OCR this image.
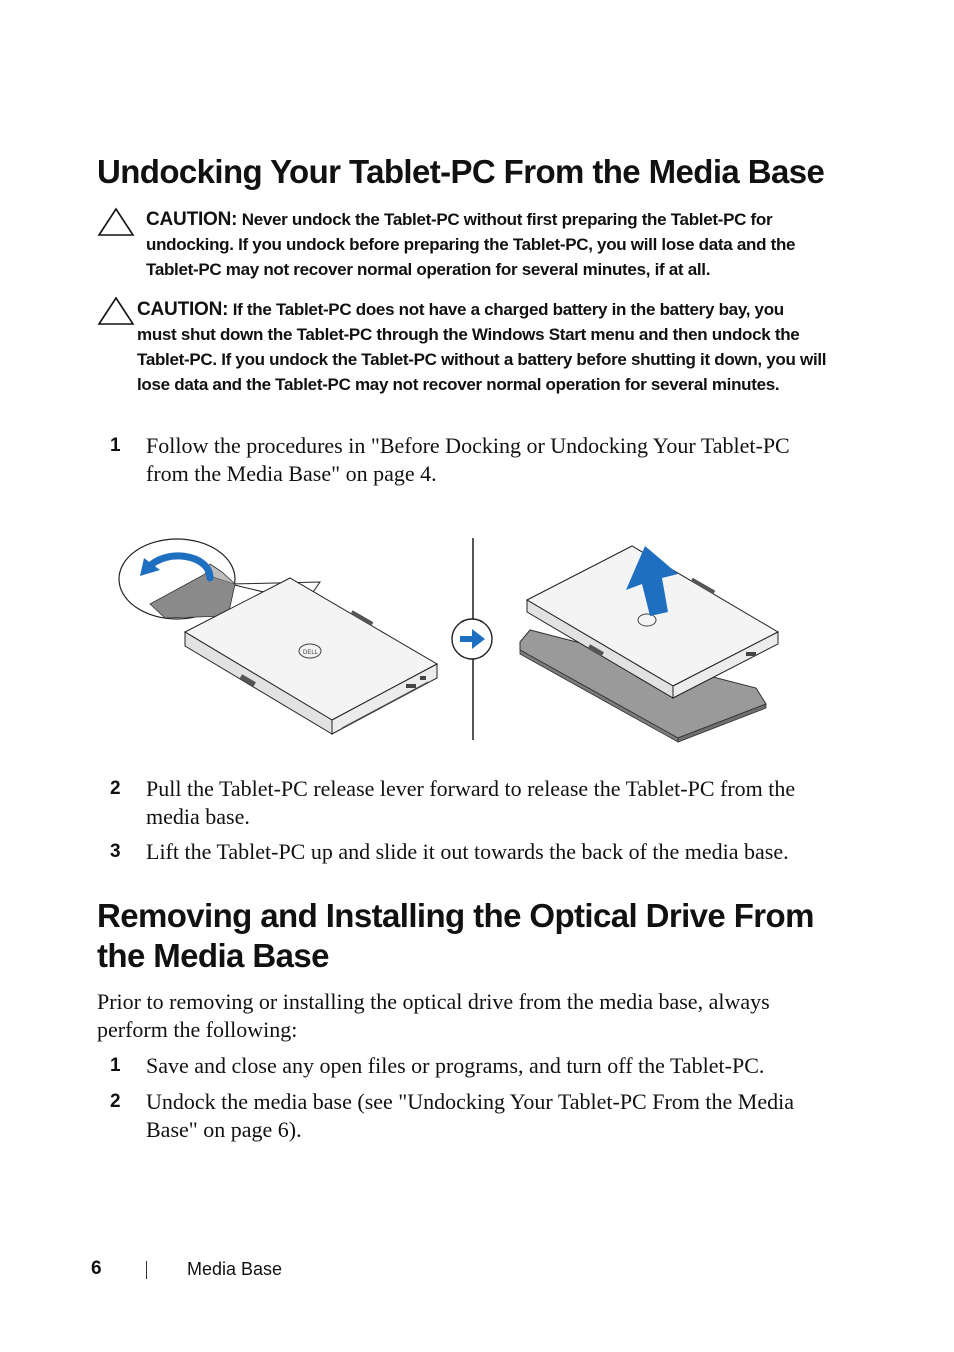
Undocking Your Tablet-PC From the Media Base
CAUTION: Never undock the Tablet-PC without first preparing the Tablet-PC for undocking. If you undock before preparing the Tablet-PC, you will lose data and the Tablet-PC may not recover normal operation for several minutes, if at all.
CAUTION: If the Tablet-PC does not have a charged battery in the battery bay, you must shut down the Tablet-PC through the Windows Start menu and then undock the Tablet-PC. If you undock the Tablet-PC without a battery before shutting it down, you will lose data and the Tablet-PC may not recover normal operation for several minutes.
1 Follow the procedures in "Before Docking or Undocking Your Tablet-PC from the Media Base" on page 4.
DELL
2 Pull the Tablet-PC release lever forward to release the Tablet-PC from the media base.
3 Lift the Tablet-PC up and slide it out towards the back of the media base.
Removing and Installing the Optical Drive From the Media Base
Prior to removing or installing the optical drive from the media base, always perform the following:
1 Save and close any open files or programs, and turn off the Tablet-PC.
2 Undock the media base (see "Undocking Your Tablet-PC From the Media Base" on page 6).
6	Media Base
